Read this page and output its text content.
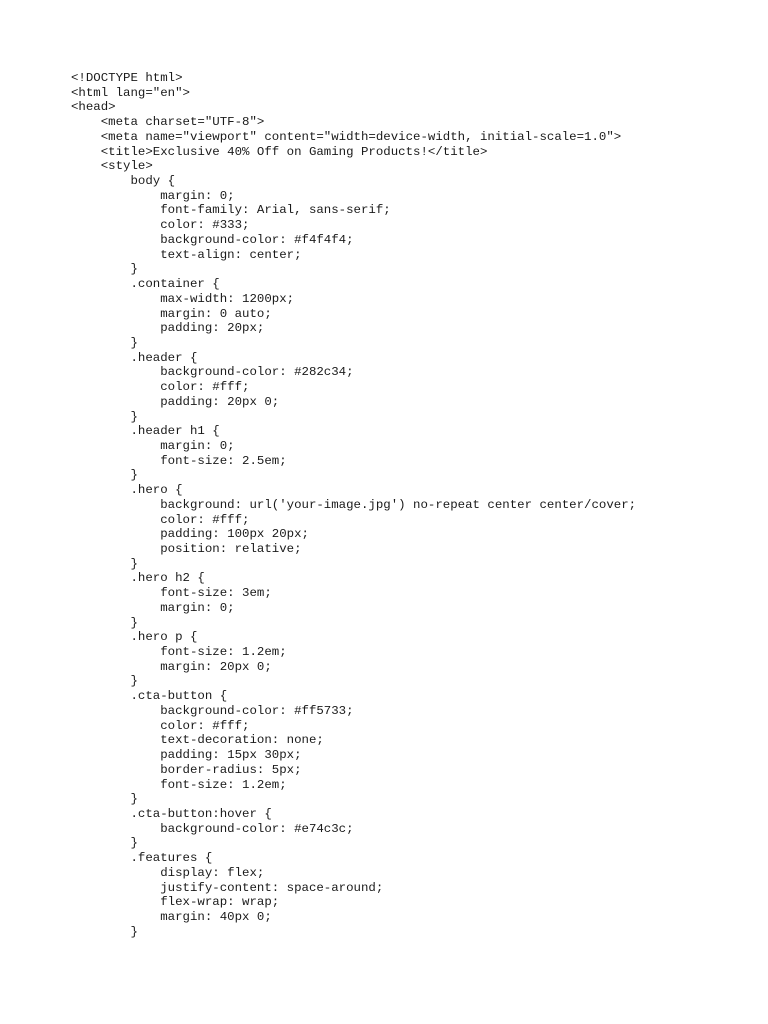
<!DOCTYPE html>
<html lang="en">
<head>
<meta charset="UTF-8">
<meta name="viewport" content="width=device-width, initial-scale=1.0">
<title>Exclusive 40% Off on Gaming Products!</title>
<style>
body {
margin: 0;
font-family: Arial, sans-serif;
color: #333;
background-color: #f4f4f4;
text-align: center;
}
.container {
max-width: 1200px;
margin: 0 auto;
padding: 20px;
}
.header {
background-color: #282c34;
color: #fff;
padding: 20px 0;
}
.header h1 {
margin: 0;
font-size: 2.5em;
}
.hero {
background: url('your-image.jpg') no-repeat center center/cover;
color: #fff;
padding: 100px 20px;
position: relative;
}
.hero h2 {
font-size: 3em;
margin: 0;
}
.hero p {
font-size: 1.2em;
margin: 20px 0;
}
.cta-button {
background-color: #ff5733;
color: #fff;
text-decoration: none;
padding: 15px 30px;
border-radius: 5px;
font-size: 1.2em;
}
.cta-button:hover {
background-color: #e74c3c;
}
.features {
display: flex;
justify-content: space-around;
flex-wrap: wrap;
margin: 40px 0;
}
